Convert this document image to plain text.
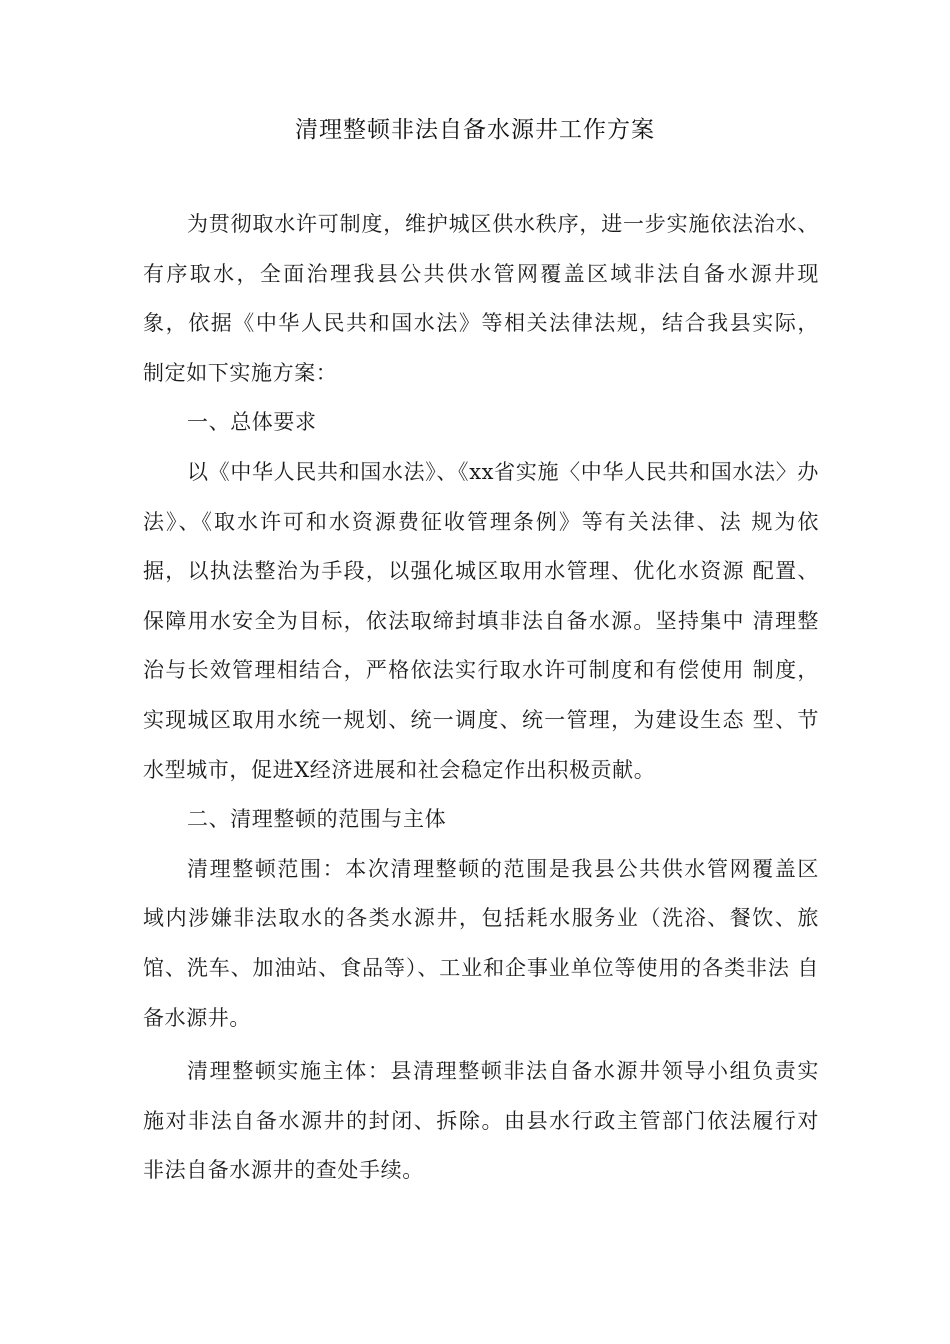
清理整顿非法自备水源井工作方案

为贯彻取水许可制度，维护城区供水秩序，进一步实施依法治水、有序取水，全面治理我县公共供水管网覆盖区域非法自备水源井现 象，依据《中华人民共和国水法》等相关法律法规，结合我县实际， 制定如下实施方案：

一、总体要求

以《中华人民共和国水法》、《xx省实施〈中华人民共和国水法〉办法》、《取水许可和水资源费征收管理条例》等有关法律、法 规为依据，以执法整治为手段，以强化城区取用水管理、优化水资源 配置、保障用水安全为目标，依法取缔封填非法自备水源。坚持集中 清理整治与长效管理相结合，严格依法实行取水许可制度和有偿使用 制度，实现城区取用水统一规划、统一调度、统一管理，为建设生态 型、节水型城市，促进X经济进展和社会稳定作出积极贡献。

二、清理整顿的范围与主体

清理整顿范围：本次清理整顿的范围是我县公共供水管网覆盖区 域内涉嫌非法取水的各类水源井，包括耗水服务业（洗浴、餐饮、旅 馆、洗车、加油站、食品等）、工业和企事业单位等使用的各类非法 自备水源井。

清理整顿实施主体：县清理整顿非法自备水源井领导小组负责实 施对非法自备水源井的封闭、拆除。由县水行政主管部门依法履行对 非法自备水源井的查处手续。
